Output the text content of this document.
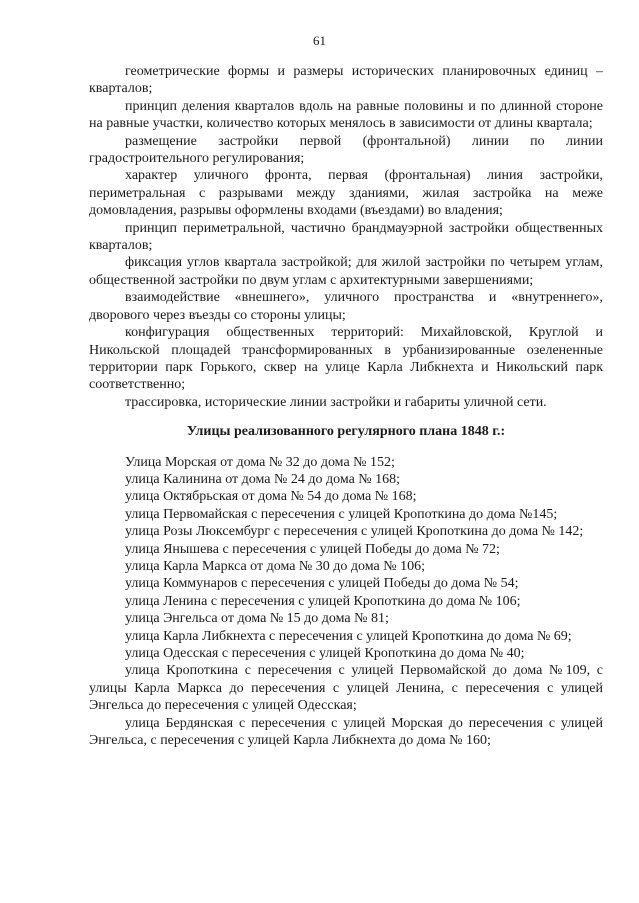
61

геометрические формы и размеры исторических планировочных единиц – кварталов;

принцип деления кварталов вдоль на равные половины и по длинной стороне на равные участки, количество которых менялось в зависимости от длины квартала;

размещение застройки первой (фронтальной) линии по линии градостроительного регулирования;

характер уличного фронта, первая (фронтальная) линия застройки, периметральная с разрывами между зданиями, жилая застройка на меже домовладения, разрывы оформлены входами (въездами) во владения;

принцип периметральной, частично брандмауэрной застройки общественных кварталов;

фиксация углов квартала застройкой; для жилой застройки по четырем углам, общественной застройки по двум углам с архитектурными завершениями;

взаимодействие «внешнего», уличного пространства и «внутреннего», дворового через въезды со стороны улицы;

конфигурация общественных территорий: Михайловской, Круглой и Никольской площадей трансформированных в урбанизированные озелененные территории парк Горького, сквер на улице Карла Либкнехта и Никольский парк соответственно;

трассировка, исторические линии застройки и габариты уличной сети.

Улицы реализованного регулярного плана 1848 г.:

Улица Морская от дома № 32 до дома № 152;

улица Калинина от дома № 24 до дома № 168;

улица Октябрьская от дома № 54 до дома № 168;

улица Первомайская с пересечения с улицей Кропоткина до дома №145;

улица Розы Люксембург с пересечения с улицей Кропоткина до дома № 142;

улица Янышева с пересечения с улицей Победы до дома № 72;

улица Карла Маркса от дома № 30 до дома № 106;

улица Коммунаров с пересечения с улицей Победы до дома № 54;

улица Ленина с пересечения с улицей Кропоткина до дома № 106;

улица Энгельса от дома № 15 до дома № 81;

улица Карла Либкнехта с пересечения с улицей Кропоткина до дома № 69;

улица Одесская с пересечения с улицей Кропоткина до дома № 40;

улица Кропоткина с пересечения с улицей Первомайской до дома №109, с улицы Карла Маркса до пересечения с улицей Ленина, с пересечения с улицей Энгельса до пересечения с улицей Одесская;

улица Бердянская с пересечения с улицей Морская до пересечения с улицей Энгельса, с пересечения с улицей Карла Либкнехта до дома № 160;
